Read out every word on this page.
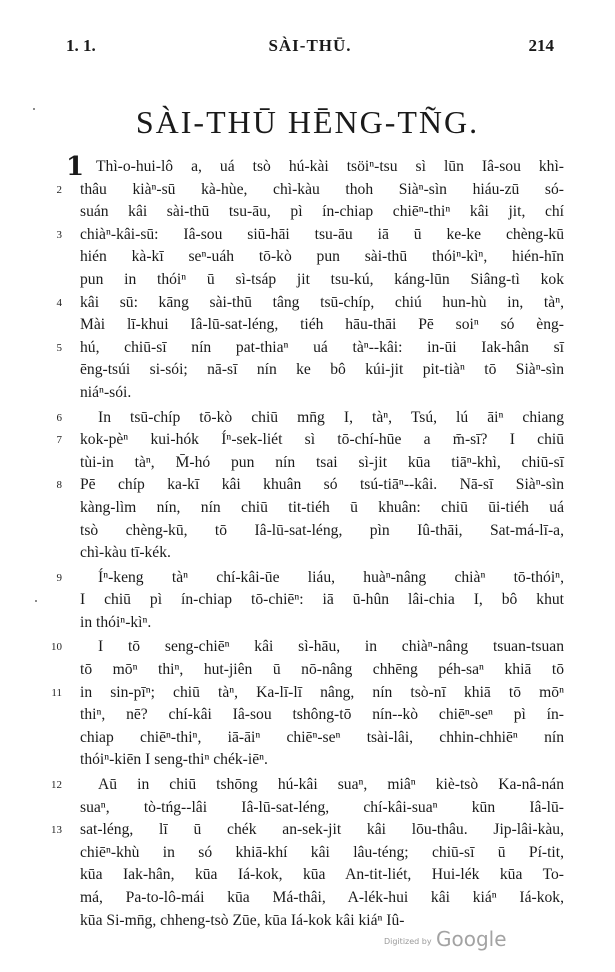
1. 1.	SÀI-THŪ.	214
SÀI-THŪ HĒNG-TÑG.
1 Thì-o-hui-lô a, uá tsò hú-kài tsöiⁿ-tsu sì lūn Iâ-sou khì-
2 thâu kiàⁿ-sū kà-hùe, chì-kàu thoh Siàⁿ-sìn hiáu-zū só-
suán kâi sài-thū tsu-āu, pì ín-chiap chiēⁿ-thiⁿ kâi jit, chí
3 chiàⁿ-kâi-sū: Iâ-sou siū-hāi tsu-āu iā ū ke-ke chèng-kū
hién kà-kī seⁿ-uáh tō-kò pun sài-thū thóiⁿ-kìⁿ, hién-hīn
pun in thóiⁿ ū sì-tsáp jit tsu-kú, káng-lūn Siâng-tì kok
4 kâi sū: kāng sài-thū tâng tsū-chíp, chiú hun-hù in, tàⁿ,
Mài lī-khui Iâ-lū-sat-léng, tiéh hāu-thāi Pē soiⁿ só èng-
5 hú, chiū-sī nín pat-thiaⁿ uá tàⁿ--kâi: in-ūi Iak-hân sī
ēng-tsúi si-sói; nā-sī nín ke bô kúi-jit pit-tiàⁿ tō Siàⁿ-sìn
niáⁿ-sói.
6 In tsū-chíp tō-kò chiū mn̄g I, tàⁿ, Tsú, lú āiⁿ chiang
7 kok-pèⁿ kui-hók Íⁿ-sek-liét sì tō-chí-hūe a m̄-sī? I chiū
tùi-in tàⁿ, M̄-hó pun nín tsai sì-jit kūa tiāⁿ-khì, chiū-sī
8 Pē chíp ka-kī kâi khuân só tsú-tiāⁿ--kâi. Nā-sī Siàⁿ-sìn
kàng-lìm nín, nín chiū tit-tiéh ū khuân: chiū ūi-tiéh uá
tsò chèng-kū, tō Iâ-lū-sat-léng, pìn Iû-thāi, Sat-má-lī-a,
chì-kàu tī-kék.
9 Íⁿ-keng tàⁿ chí-kâi-ūe liáu, huàⁿ-nâng chiàⁿ tō-thóiⁿ,
I chiū pì ín-chiap tō-chiēⁿ: iā ū-hûn lâi-chia I, bô khut
in thóiⁿ-kìⁿ.
10 I tō seng-chiēⁿ kâi sì-hāu, in chiàⁿ-nâng tsuan-tsuan
tō mōⁿ thiⁿ, hut-jiên ū nō-nâng chhēng péh-saⁿ khiā tō
11 in sin-pīⁿ; chiū tàⁿ, Ka-lī-lī nâng, nín tsò-nī khiā tō mōⁿ
thiⁿ, nē? chí-kâi Iâ-sou tshông-tō nín--kò chiēⁿ-seⁿ pì ín-
chiap chiēⁿ-thiⁿ, iā-āiⁿ chiēⁿ-seⁿ tsài-lâi, chhin-chhiēⁿ nín
thóiⁿ-kiēn I seng-thiⁿ chék-iēⁿ.
12 Aū in chiū tshōng hú-kâi suaⁿ, miâⁿ kiè-tsò Ka-nâ-nán
suaⁿ, tò-tńg--lâi Iâ-lū-sat-léng, chí-kâi-suaⁿ kūn Iâ-lū-
13 sat-léng, lī ū chék an-sek-jit kâi lōu-thâu. Jip-lâi-kàu,
chiēⁿ-khù in só khiā-khí kâi lâu-téng; chiū-sī ū Pí-tit,
kūa Iak-hân, kūa Iá-kok, kūa An-tit-liét, Hui-lék kūa To-
má, Pa-to-lô-mái kūa Má-thâi, A-lék-hui kâi kiáⁿ Iá-kok,
kūa Si-mn̄g, chheng-tsò Zūe, kūa Iá-kok kâi kiáⁿ Iû-
Digitized by Google
